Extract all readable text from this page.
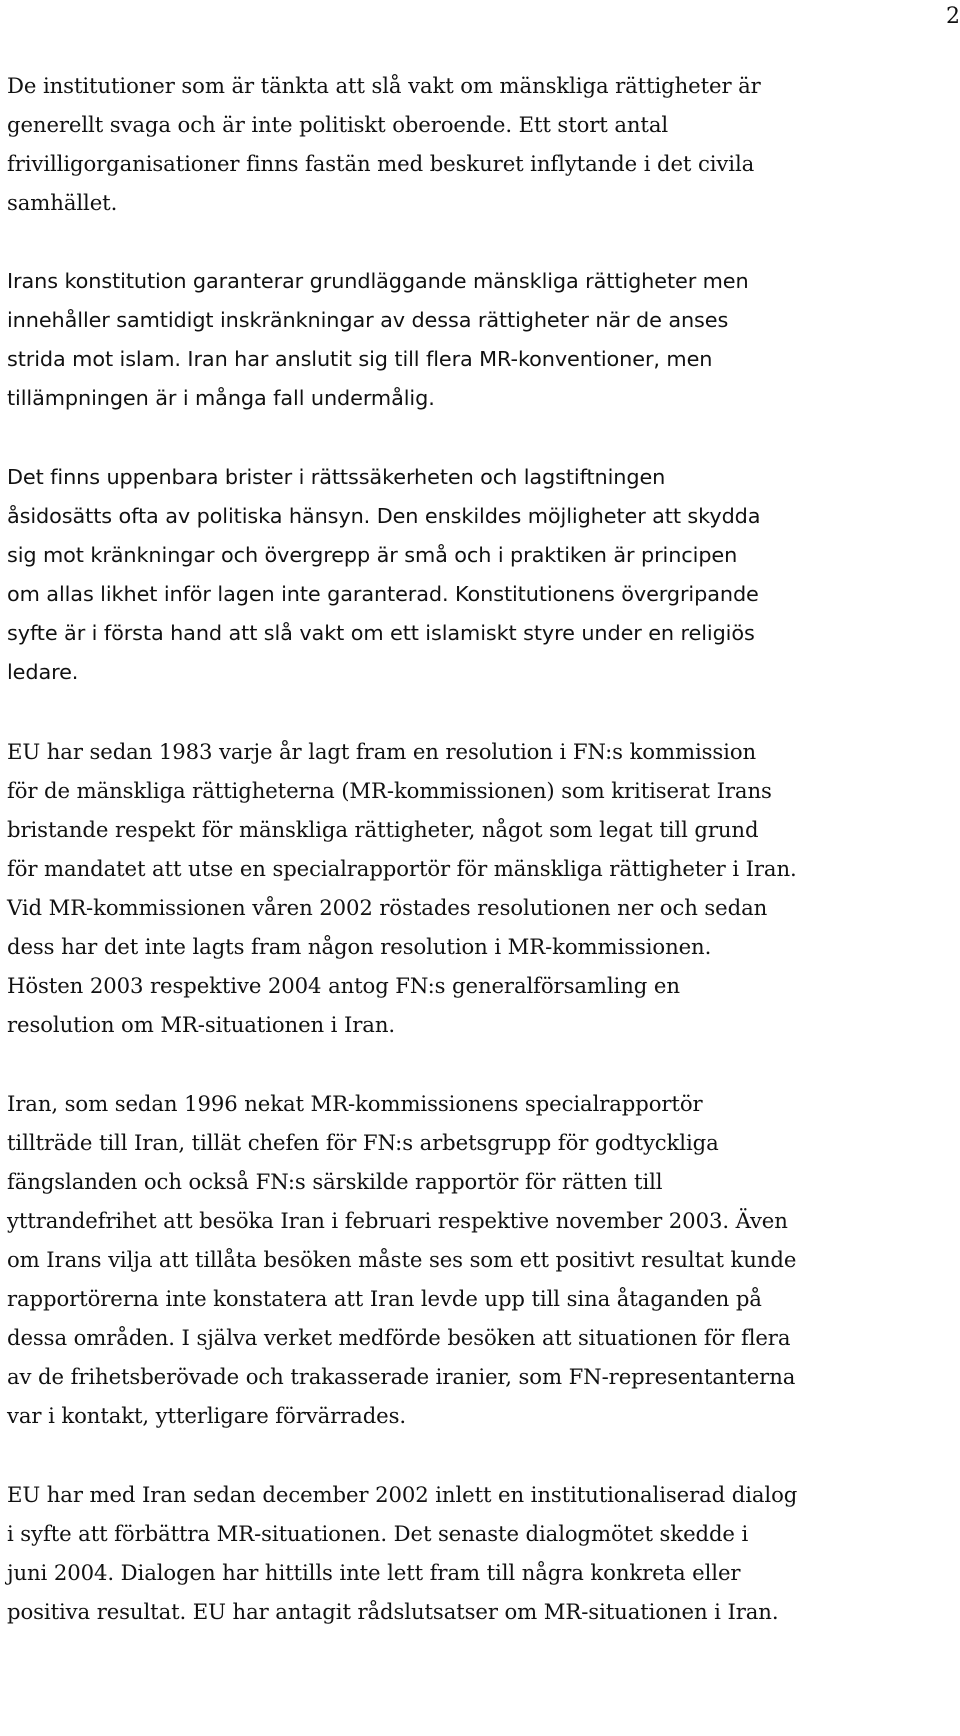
2

De institutioner som är tänkta att slå vakt om mänskliga rättigheter är
generellt svaga och är inte politiskt oberoende. Ett stort antal
frivilligorganisationer finns fastän med beskuret inflytande i det civila
samhället.

Irans konstitution garanterar grundläggande mänskliga rättigheter men
innehåller samtidigt inskränkningar av dessa rättigheter när de anses
strida mot islam. Iran har anslutit sig till flera MR-konventioner, men
tillämpningen är i många fall undermålig.

Det finns uppenbara brister i rättssäkerheten och lagstiftningen
åsidosätts ofta av politiska hänsyn. Den enskildes möjligheter att skydda
sig mot kränkningar och övergrepp är små och i praktiken är principen
om allas likhet inför lagen inte garanterad. Konstitutionens övergripande
syfte är i första hand att slå vakt om ett islamiskt styre under en religiös
ledare.

EU har sedan 1983 varje år lagt fram en resolution i FN:s kommission
för de mänskliga rättigheterna (MR-kommissionen) som kritiserat Irans
bristande respekt för mänskliga rättigheter, något som legat till grund
för mandatet att utse en specialrapportör för mänskliga rättigheter i Iran.
Vid MR-kommissionen våren 2002 röstades resolutionen ner och sedan
dess har det inte lagts fram någon resolution i MR-kommissionen.
Hösten 2003 respektive 2004 antog FN:s generalförsamling en
resolution om MR-situationen i Iran.

Iran, som sedan 1996 nekat MR-kommissionens specialrapportör
tillträde till Iran, tillät chefen för FN:s arbetsgrupp för godtyckliga
fängslanden och också FN:s särskilde rapportör för rätten till
yttrandefrihet att besöka Iran i februari respektive november 2003. Även
om Irans vilja att tillåta besöken måste ses som ett positivt resultat kunde
rapportörerna inte konstatera att Iran levde upp till sina åtaganden på
dessa områden. I själva verket medförde besöken att situationen för flera
av de frihetsberövade och trakasserade iranier, som FN-representanterna
var i kontakt, ytterligare förvärrades.

EU har med Iran sedan december 2002 inlett en institutionaliserad dialog
i syfte att förbättra MR-situationen. Det senaste dialogmötet skedde i
juni 2004. Dialogen har hittills inte lett fram till några konkreta eller
positiva resultat. EU har antagit rådslutsatser om MR-situationen i Iran.
